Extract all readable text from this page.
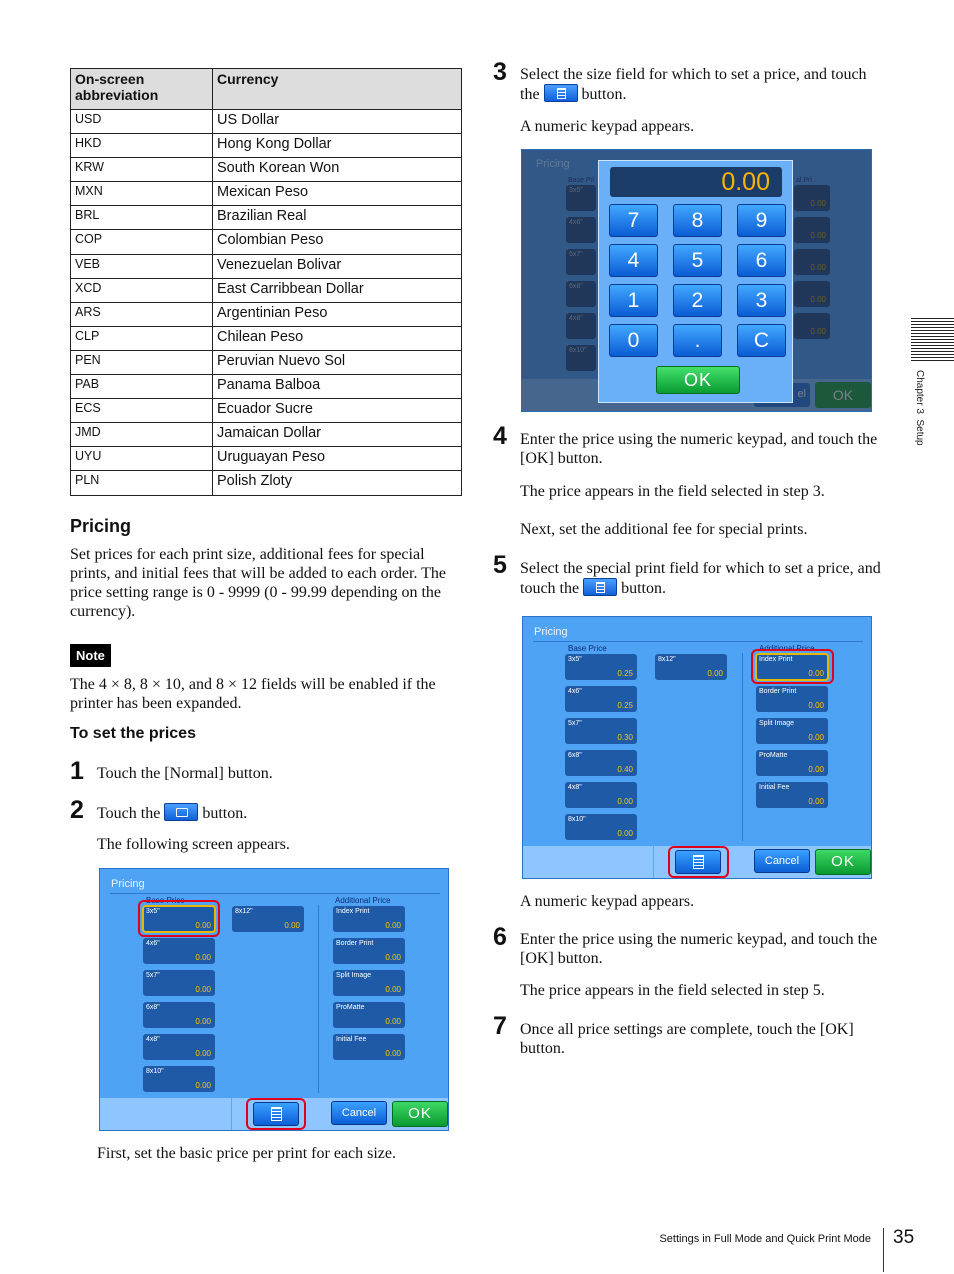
On-screen abbreviation	Currency
USD	US Dollar
HKD	Hong Kong Dollar
KRW	South Korean Won
MXN	Mexican Peso
BRL	Brazilian Real
COP	Colombian Peso
VEB	Venezuelan Bolivar
XCD	East Carribbean Dollar
ARS	Argentinian Peso
CLP	Chilean Peso
PEN	Peruvian Nuevo Sol
PAB	Panama Balboa
ECS	Ecuador Sucre
JMD	Jamaican Dollar
UYU	Uruguayan Peso
PLN	Polish Zloty
Pricing
Set prices for each print size, additional fees for special prints, and initial fees that will be added to each order. The price setting range is 0 - 9999 (0 - 99.99 depending on the currency).
Note
The 4 × 8, 8 × 10, and 8 × 12 fields will be enabled if the printer has been expanded.
To set the prices
1 Touch the [Normal] button.
2 Touch the	button.
The following screen appears.
Pricing
Base Price	Additional Price
3x5"
0.00
4x6"
0.00
5x7"
0.00
6x8"
0.00
4x8"
0.00
8x10"
0.00
8x12"
0.00
Index Print
0.00
Border Print
0.00
Split Image
0.00
ProMatte
0.00
Initial Fee
0.00
Cancel	OK
First, set the basic price per print for each size.
3 Select the size field for which to set a price, and touch the	button.
A numeric keypad appears.
0.00
7	8	9
4	5	6
1	2	3
0	.	C
OK
4 Enter the price using the numeric keypad, and touch the [OK] button.
The price appears in the field selected in step 3.
Next, set the additional fee for special prints.
5 Select the special print field for which to set a price, and touch the	button.
Pricing
Base Price	Additional Price
3x5"
0.25
4x6"
0.25
5x7"
0.30
6x8"
0.40
4x8"
0.00
8x10"
0.00
8x12"
0.00
Index Print
0.00
Border Print
0.00
Split Image
0.00
ProMatte
0.00
Initial Fee
0.00
Cancel	OK
A numeric keypad appears.
6 Enter the price using the numeric keypad, and touch the [OK] button.
The price appears in the field selected in step 5.
7 Once all price settings are complete, touch the [OK] button.
Chapter 3  Setup
Settings in Full Mode and Quick Print Mode 35
